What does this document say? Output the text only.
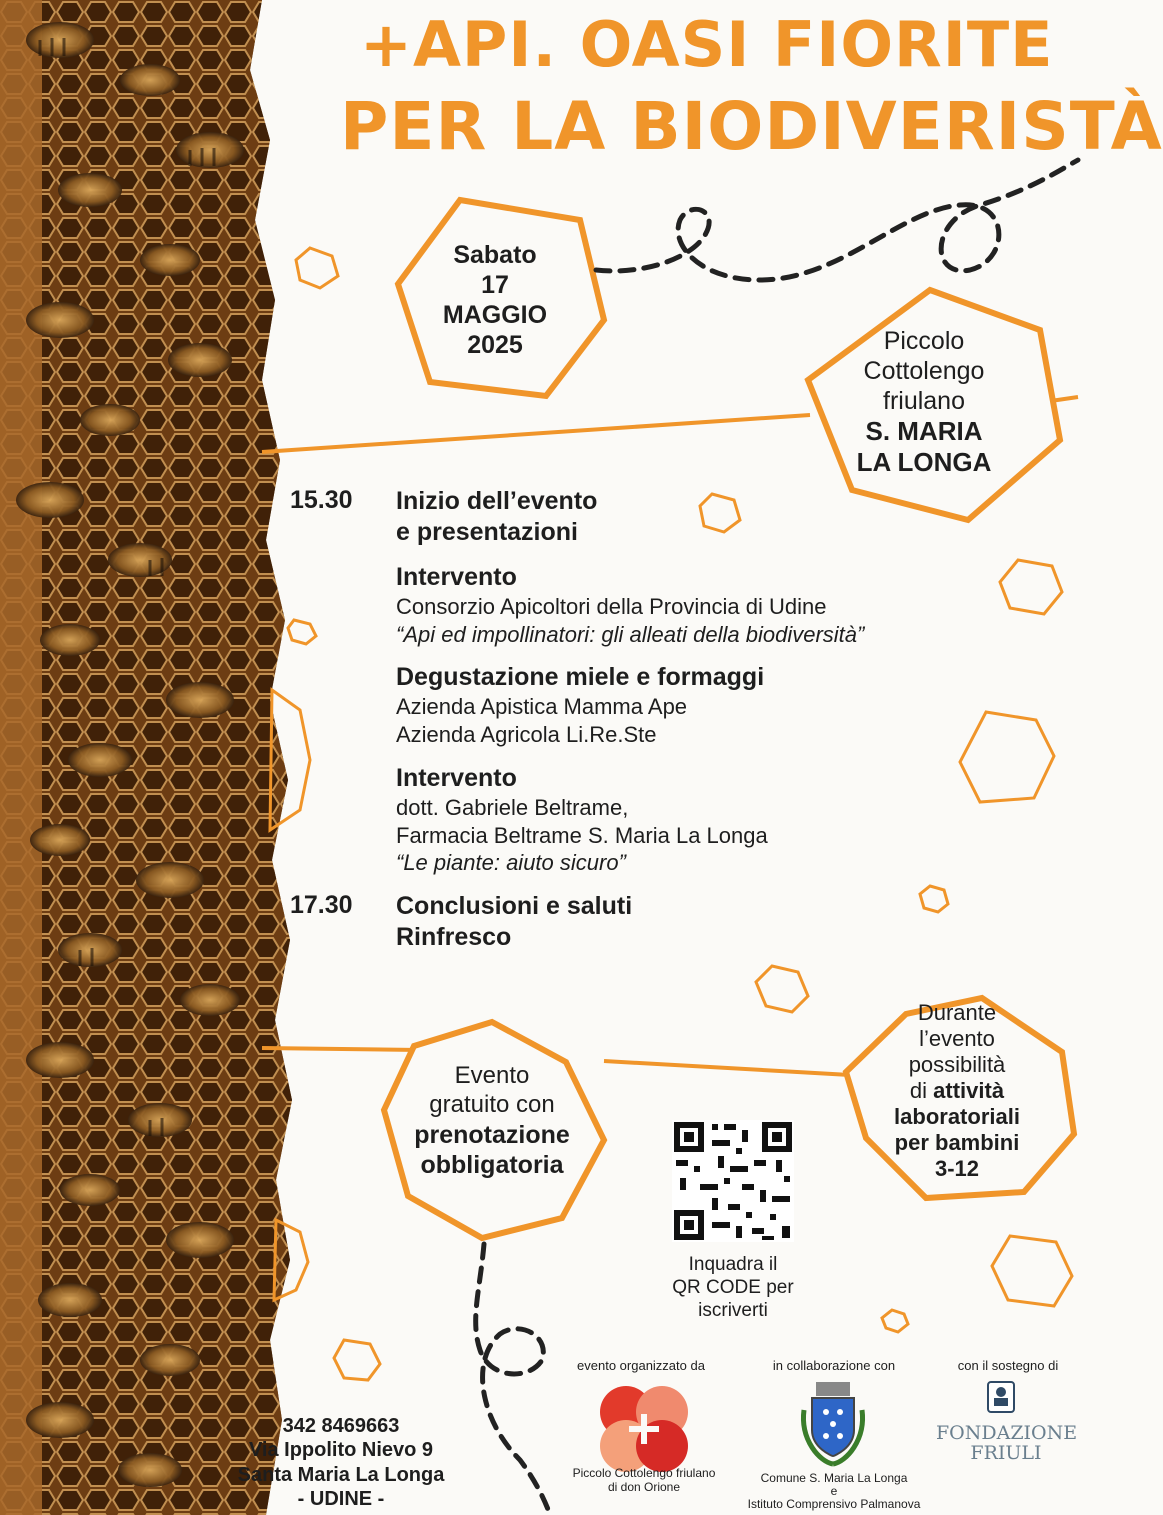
+API. OASI FIORITE
PER LA BIODIVERISTÀ
Sabato
17
MAGGIO
2025	Piccolo
Cottolengo
friulano
S. MARIA
LA LONGA
15.30 Inizio dell’evento
e presentazioni
Intervento
Consorzio Apicoltori della Provincia di Udine
“Api ed impollinatori: gli alleati della biodiversità”
Degustazione miele e formaggi
Azienda Apistica Mamma Ape
Azienda Agricola Li.Re.Ste
Intervento
dott. Gabriele Beltrame,
Farmacia Beltrame S. Maria La Longa
“Le piante: aiuto sicuro”
17.30 Conclusioni e saluti
Rinfresco
Evento
gratuito con
prenotazione
obbligatoria
Durante
l’evento
possibilità
di attività
laboratoriali
per bambini
3-12
Inquadra il
QR CODE per
iscriverti
342 8469663
Via Ippolito Nievo 9
Santa Maria La Longa
- UDINE -
evento organizzato da
Piccolo Cottolengo friulano
di don Orione
in collaborazione con
Comune S. Maria La Longa
e
Istituto Comprensivo Palmanova
con il sostegno di
FONDAZIONE
FRIULI
